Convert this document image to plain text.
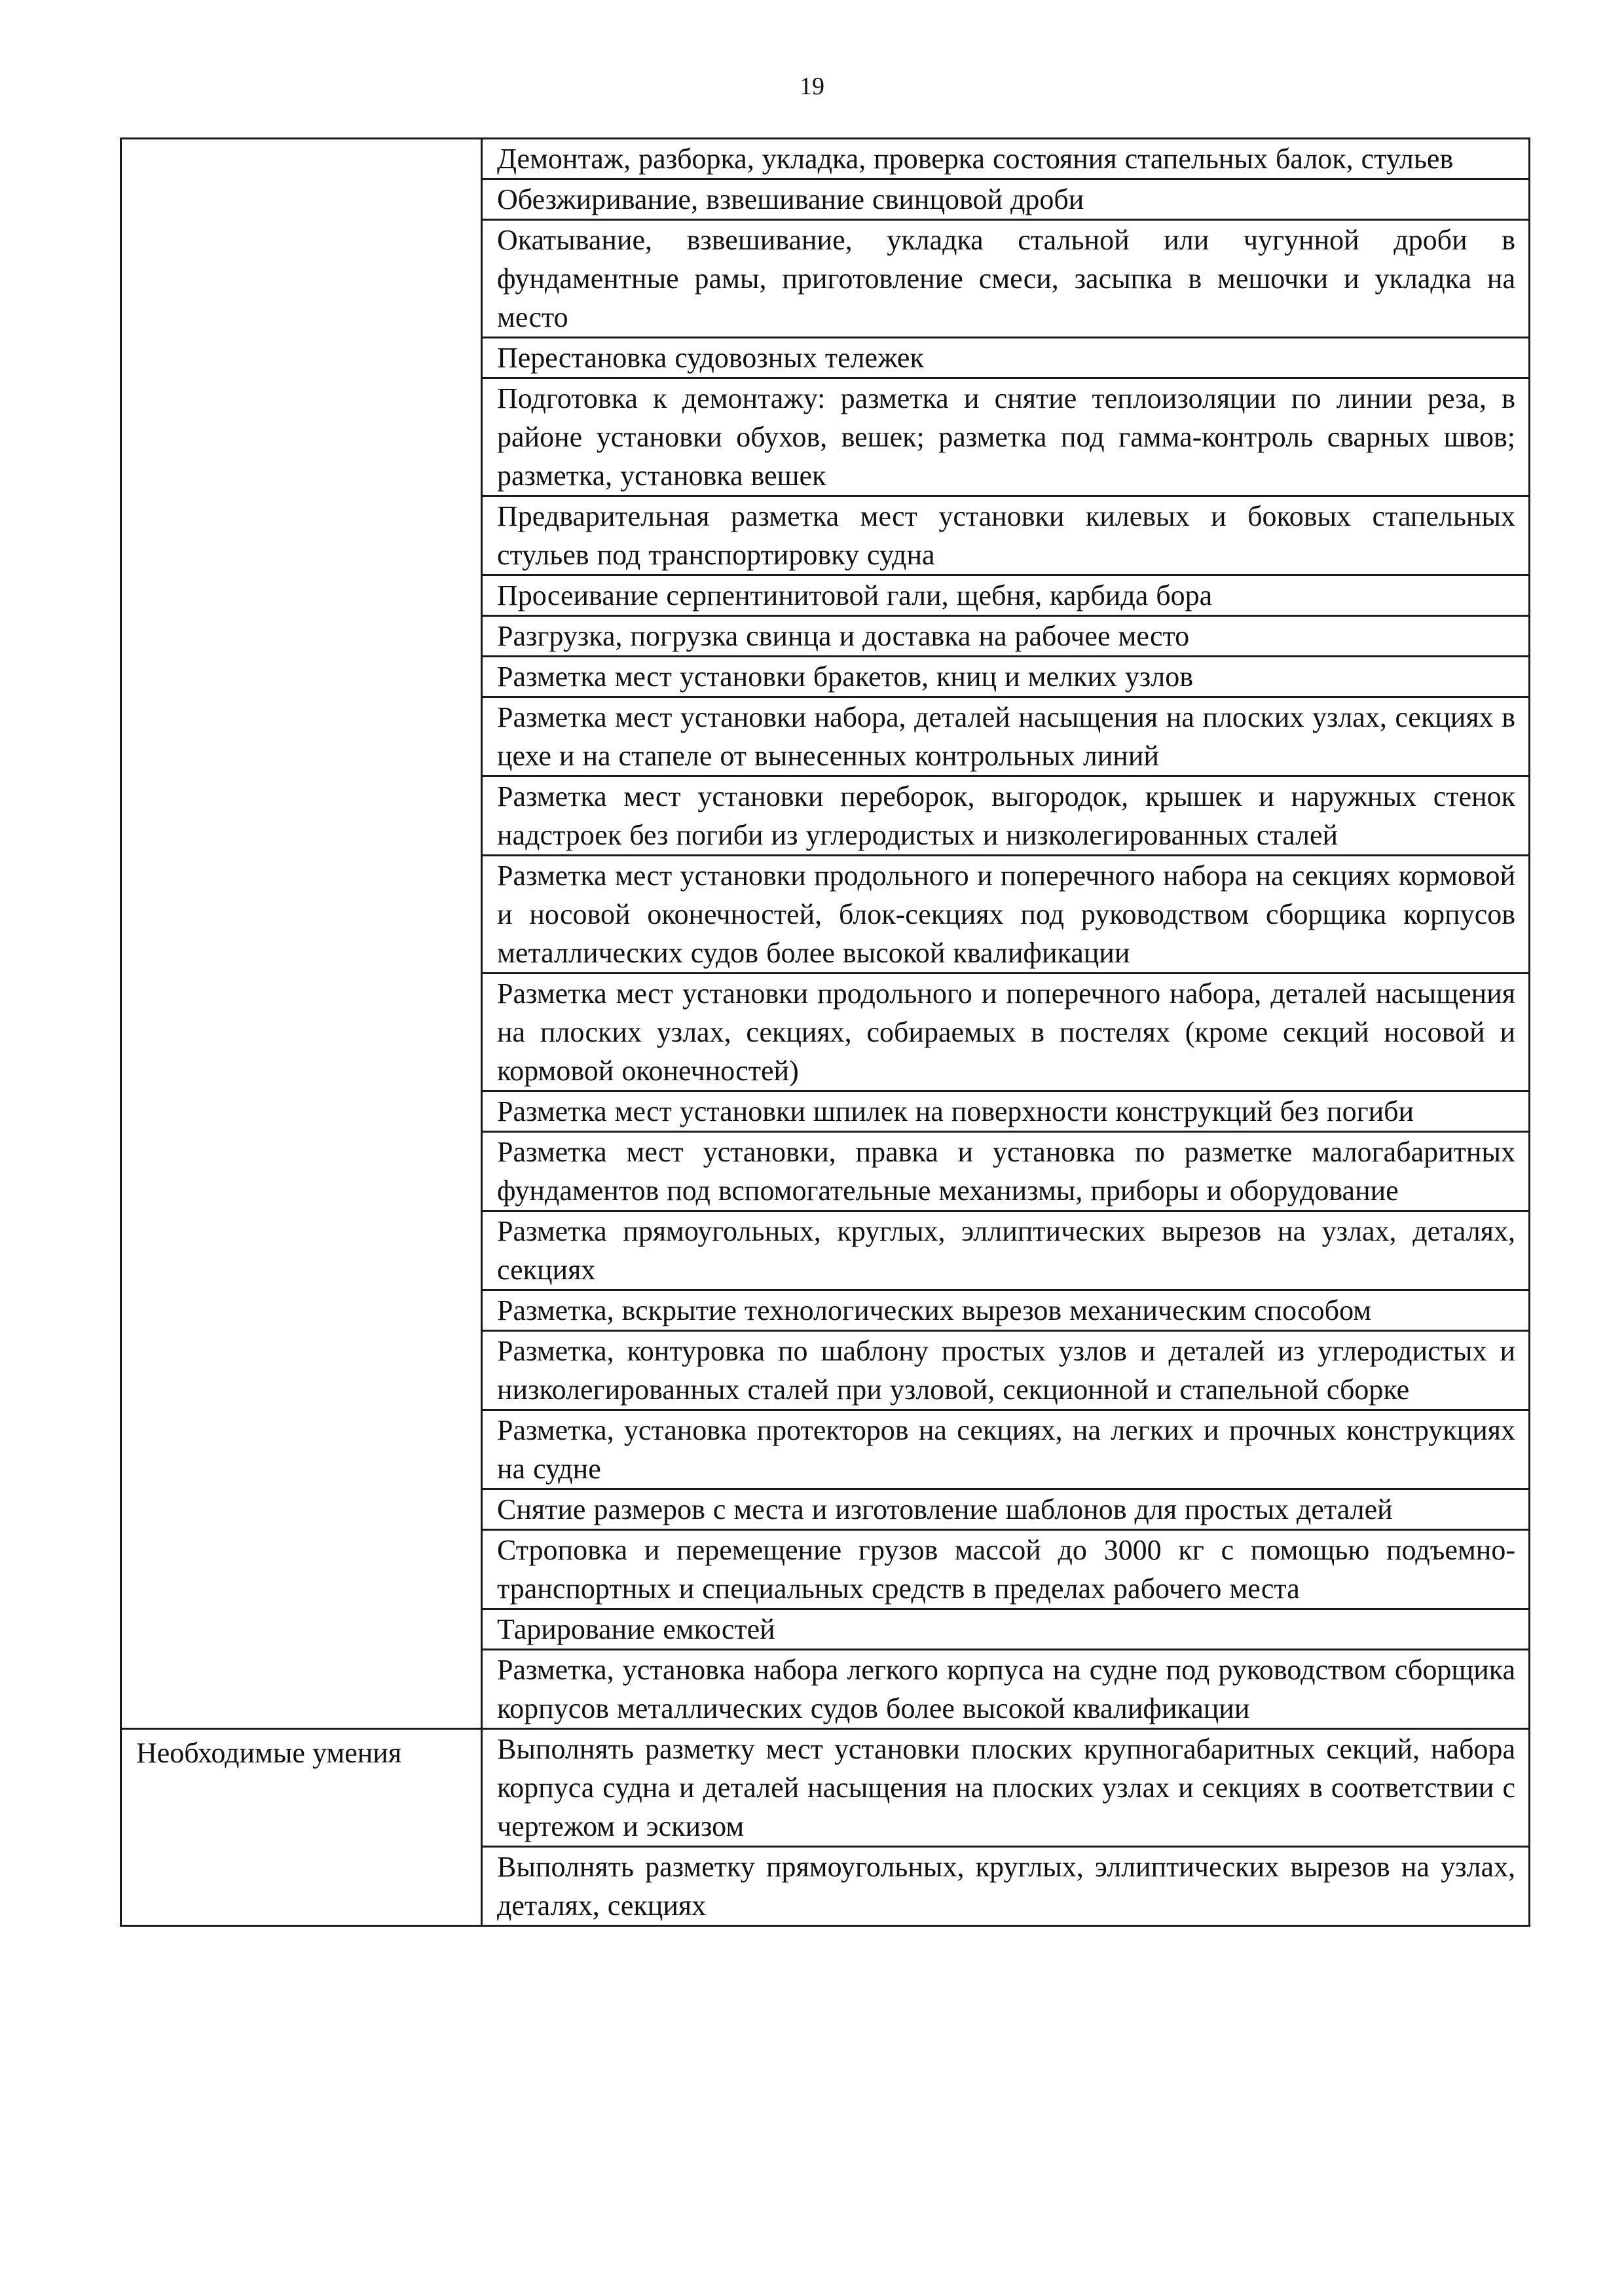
19
	Демонтаж, разборка, укладка, проверка состояния стапельных балок, стульев
	Обезжиривание, взвешивание свинцовой дроби
	Окатывание, взвешивание, укладка стальной или чугунной дроби в фундаментные рамы, приготовление смеси, засыпка в мешочки и укладка на место
	Перестановка судовозных тележек
	Подготовка к демонтажу: разметка и снятие теплоизоляции по линии реза, в районе установки обухов, вешек; разметка под гамма-контроль сварных швов; разметка, установка вешек
	Предварительная разметка мест установки килевых и боковых стапельных стульев под транспортировку судна
	Просеивание серпентинитовой гали, щебня, карбида бора
	Разгрузка, погрузка свинца и доставка на рабочее место
	Разметка мест установки бракетов, книц и мелких узлов
	Разметка мест установки набора, деталей насыщения на плоских узлах, секциях в цехе и на стапеле от вынесенных контрольных линий
	Разметка мест установки переборок, выгородок, крышек и наружных стенок надстроек без погиби из углеродистых и низколегированных сталей
	Разметка мест установки продольного и поперечного набора на секциях кормовой и носовой оконечностей, блок-секциях под руководством сборщика корпусов металлических судов более высокой квалификации
	Разметка мест установки продольного и поперечного набора, деталей насыщения на плоских узлах, секциях, собираемых в постелях (кроме секций носовой и кормовой оконечностей)
	Разметка мест установки шпилек на поверхности конструкций без погиби
	Разметка мест установки, правка и установка по разметке малогабаритных фундаментов под вспомогательные механизмы, приборы и оборудование
	Разметка прямоугольных, круглых, эллиптических вырезов на узлах, деталях, секциях
	Разметка, вскрытие технологических вырезов механическим способом
	Разметка, контуровка по шаблону простых узлов и деталей из углеродистых и низколегированных сталей при узловой, секционной и стапельной сборке
	Разметка, установка протекторов на секциях, на легких и прочных конструкциях на судне
	Снятие размеров с места и изготовление шаблонов для простых деталей
	Строповка и перемещение грузов массой до 3000 кг с помощью подъемно-транспортных и специальных средств в пределах рабочего места
	Тарирование емкостей
	Разметка, установка набора легкого корпуса на судне под руководством сборщика корпусов металлических судов более высокой квалификации
Необходимые умения	Выполнять разметку мест установки плоских крупногабаритных секций, набора корпуса судна и деталей насыщения на плоских узлах и секциях в соответствии с чертежом и эскизом
	Выполнять разметку прямоугольных, круглых, эллиптических вырезов на узлах, деталях, секциях
